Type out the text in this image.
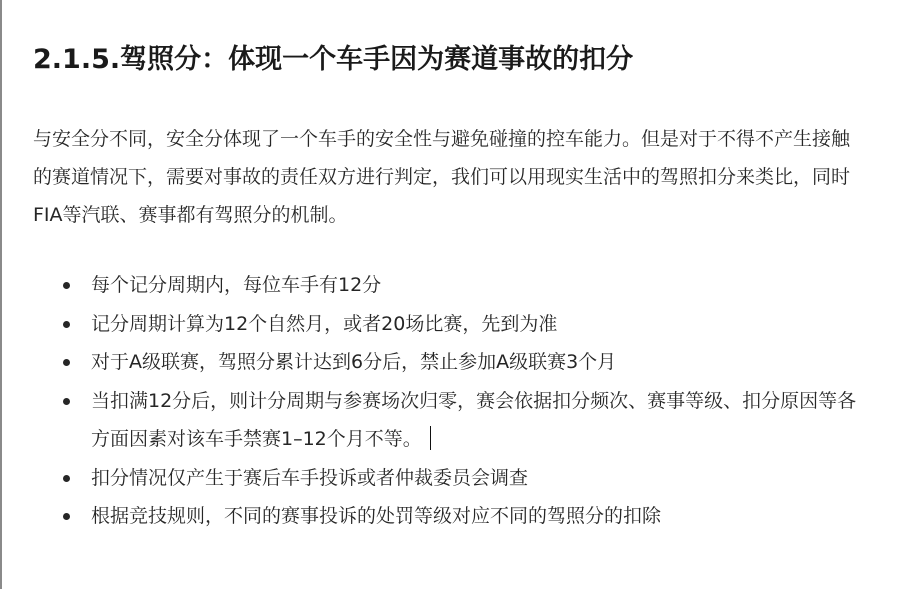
2.1.5.驾照分：体现一个车手因为赛道事故的扣分

与安全分不同，安全分体现了一个车手的安全性与避免碰撞的控车能力。但是对于不得不产生接触的赛道情况下，需要对事故的责任双方进行判定，我们可以用现实生活中的驾照扣分来类比，同时FIA等汽联、赛事都有驾照分的机制。

每个记分周期内，每位车手有12分
记分周期计算为12个自然月，或者20场比赛，先到为准
对于A级联赛，驾照分累计达到6分后，禁止参加A级联赛3个月
当扣满12分后，则计分周期与参赛场次归零，赛会依据扣分频次、赛事等级、扣分原因等各方面因素对该车手禁赛1–12个月不等。
扣分情况仅产生于赛后车手投诉或者仲裁委员会调查
根据竞技规则，不同的赛事投诉的处罚等级对应不同的驾照分的扣除
